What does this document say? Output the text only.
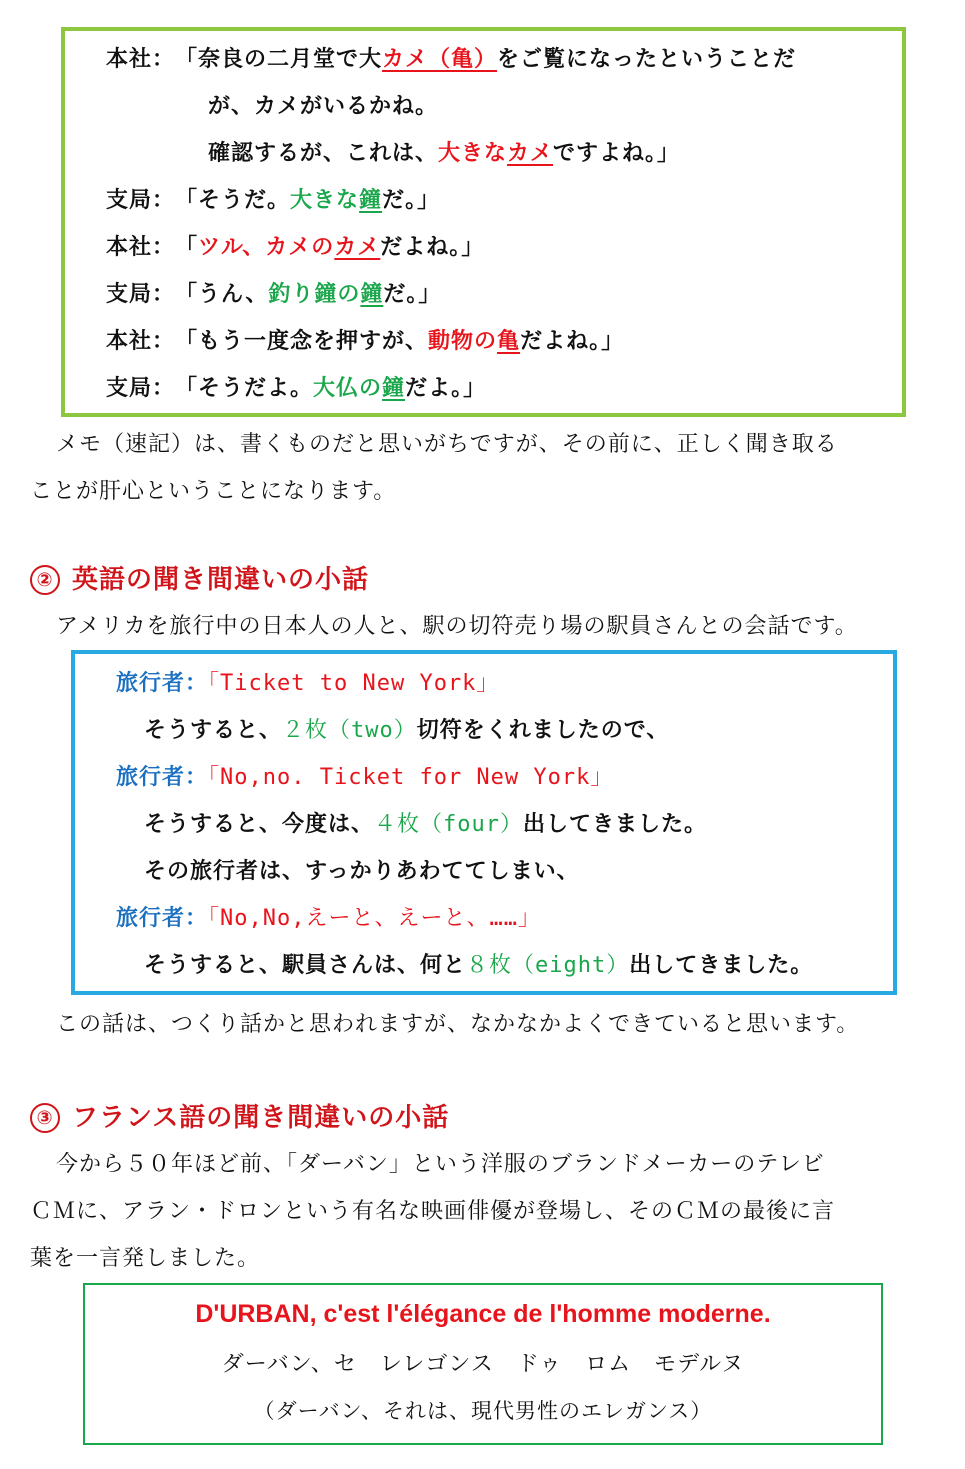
本社：「奈良の二月堂で大カメ（亀）をご覧になったということだ
が、カメがいるかね。
確認するが、これは、大きなカメですよね。」
支局：「そうだ。大きな鐘だ。」
本社：「ツル、カメのカメだよね。」
支局：「うん、釣り鐘の鐘だ。」
本社：「もう一度念を押すが、動物の亀だよね。」
支局：「そうだよ。大仏の鐘だよ。」
メモ（速記）は、書くものだと思いがちですが、その前に、正しく聞き取る
ことが肝心ということになります。
② 英語の聞き間違いの小話
アメリカを旅行中の日本人の人と、駅の切符売り場の駅員さんとの会話です。
旅行者：「Ticket to New York」
そうすると、２枚（two）切符をくれましたので、
旅行者：「No,no. Ticket for New York」
そうすると、今度は、４枚（four）出してきました。
その旅行者は、すっかりあわててしまい、
旅行者：「No,No,えーと、えーと、……」
そうすると、駅員さんは、何と８枚（eight）出してきました。
この話は、つくり話かと思われますが、なかなかよくできていると思います。
③ フランス語の聞き間違いの小話
今から５０年ほど前、「ダーバン」という洋服のブランドメーカーのテレビ
ＣＭに、アラン・ドロンという有名な映画俳優が登場し、そのＣＭの最後に言
葉を一言発しました。
D'URBAN, c'est l'élégance de l'homme moderne.
ダーバン、セ　レレゴンス　ドゥ　ロム　モデルヌ
（ダーバン、それは、現代男性のエレガンス）
